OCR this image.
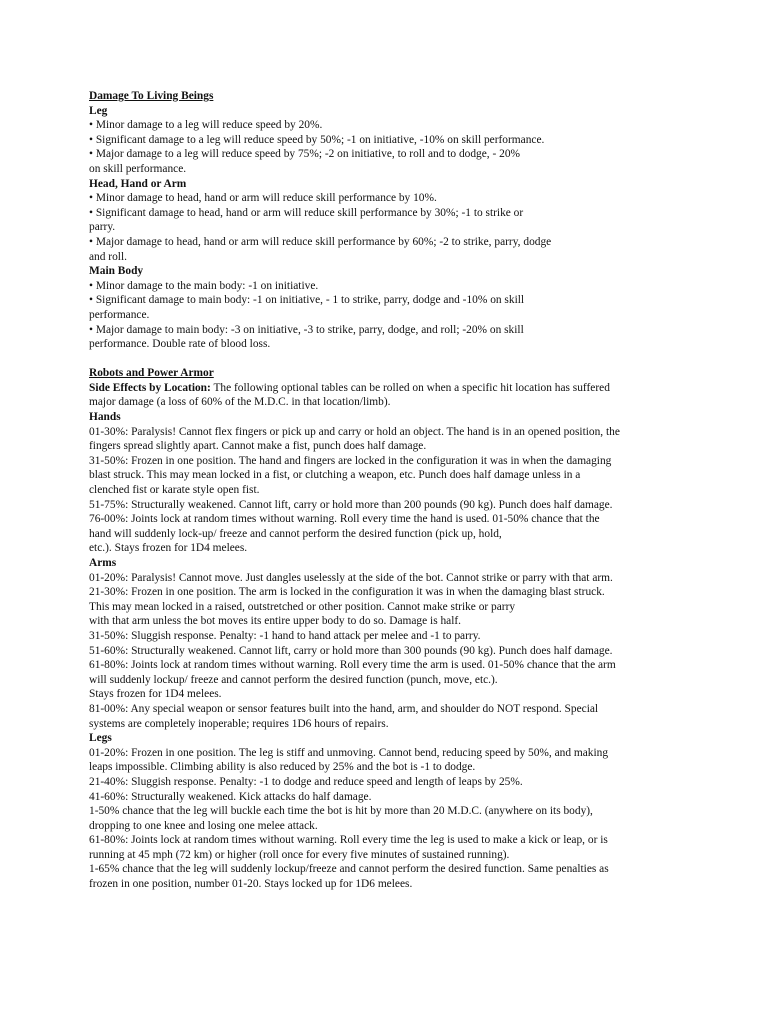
Damage To Living Beings

Leg

• Minor damage to a leg will reduce speed by 20%.

• Significant damage to a leg will reduce speed by 50%; -1 on initiative, -10% on skill performance.

• Major damage to a leg will reduce speed by 75%; -2 on initiative, to roll and to dodge, - 20%

on skill performance.

Head, Hand or Arm

• Minor damage to head, hand or arm will reduce skill performance by 10%.

• Significant damage to head, hand or arm will reduce skill performance by 30%; -1 to strike or

parry.

• Major damage to head, hand or arm will reduce skill performance by 60%; -2 to strike, parry, dodge

and roll.

Main Body

• Minor damage to the main body: -1 on initiative.

• Significant damage to main body: -1 on initiative, - 1 to strike, parry, dodge and -10% on skill

performance.

• Major damage to main body: -3 on initiative, -3 to strike, parry, dodge, and roll; -20% on skill

performance. Double rate of blood loss.

Robots and Power Armor

Side Effects by Location: The following optional tables can be rolled on when a specific hit location has suffered

major damage (a loss of 60% of the M.D.C. in that location/limb).

Hands

01-30%: Paralysis! Cannot flex fingers or pick up and carry or hold an object. The hand is in an opened position, the

fingers spread slightly apart. Cannot make a fist, punch does half damage.

31-50%: Frozen in one position. The hand and fingers are locked in the configuration it was in when the damaging

blast struck. This may mean locked in a fist, or clutching a weapon, etc. Punch does half damage unless in a

clenched fist or karate style open fist.

51-75%: Structurally weakened. Cannot lift, carry or hold more than 200 pounds (90 kg). Punch does half damage.

76-00%: Joints lock at random times without warning. Roll every time the hand is used. 01-50% chance that the

hand will suddenly lock-up/ freeze and cannot perform the desired function (pick up, hold,

etc.). Stays frozen for 1D4 melees.

Arms

01-20%: Paralysis! Cannot move. Just dangles uselessly at the side of the bot. Cannot strike or parry with that arm.

21-30%: Frozen in one position. The arm is locked in the configuration it was in when the damaging blast struck.

This may mean locked in a raised, outstretched or other position. Cannot make strike or parry

with that arm unless the bot moves its entire upper body to do so. Damage is half.

31-50%: Sluggish response. Penalty: -1 hand to hand attack per melee and -1 to parry.

51-60%: Structurally weakened. Cannot lift, carry or hold more than 300 pounds (90 kg). Punch does half damage.

61-80%: Joints lock at random times without warning. Roll every time the arm is used. 01-50% chance that the arm

will suddenly lockup/ freeze and cannot perform the desired function (punch, move, etc.).

Stays frozen for 1D4 melees.

81-00%: Any special weapon or sensor features built into the hand, arm, and shoulder do NOT respond. Special

systems are completely inoperable; requires 1D6 hours of repairs.

Legs

01-20%: Frozen in one position. The leg is stiff and unmoving. Cannot bend, reducing speed by 50%, and making

leaps impossible. Climbing ability is also reduced by 25% and the bot is -1 to dodge.

21-40%: Sluggish response. Penalty: -1 to dodge and reduce speed and length of leaps by 25%.

41-60%: Structurally weakened. Kick attacks do half damage.

1-50% chance that the leg will buckle each time the bot is hit by more than 20 M.D.C. (anywhere on its body),

dropping to one knee and losing one melee attack.

61-80%: Joints lock at random times without warning. Roll every time the leg is used to make a kick or leap, or is

running at 45 mph (72 km) or higher (roll once for every five minutes of sustained running).

1-65% chance that the leg will suddenly lockup/freeze and cannot perform the desired function. Same penalties as

frozen in one position, number 01-20. Stays locked up for 1D6 melees.
